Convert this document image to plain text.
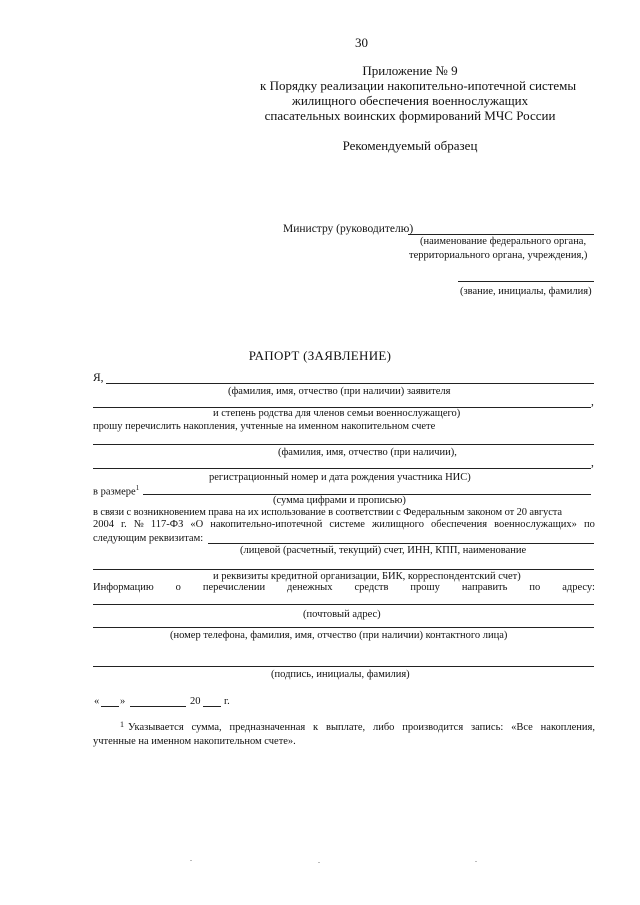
30
Приложение № 9
к Порядку реализации накопительно-ипотечной системы
жилищного обеспечения военнослужащих
спасательных воинских формирований МЧС России
Рекомендуемый образец
Министру (руководителю)
(наименование федерального органа,
территориального органа, учреждения,)
(звание, инициалы, фамилия)
РАПОРТ (ЗАЯВЛЕНИЕ)
Я,
(фамилия, имя, отчество (при наличии) заявителя
,
и степень родства для членов семьи военнослужащего)
прошу перечислить накопления, учтенные на именном накопительном счете
(фамилия, имя, отчество (при наличии),
,
регистрационный номер и дата рождения участника НИС)
в размере$^1$
(сумма цифрами и прописью)
в связи с возникновением права на их использование в соответствии с Федеральным законом от 20 августа
2004 г. № 117-ФЗ «О накопительно-ипотечной системе жилищного обеспечения военнослужащих» по
следующим реквизитам:
(лицевой (расчетный, текущий) счет, ИНН, КПП, наименование
и реквизиты кредитной организации, БИК, корреспондентский счет)
Информацию о перечислении денежных средств прошу направить по адресу:
(почтовый адрес)
(номер телефона, фамилия, имя, отчество (при наличии) контактного лица)
(подпись, инициалы, фамилия)
« »	20 г.
1 Указывается сумма, предназначенная к выплате, либо производится запись: «Все накопления,
учтенные на именном накопительном счете».
